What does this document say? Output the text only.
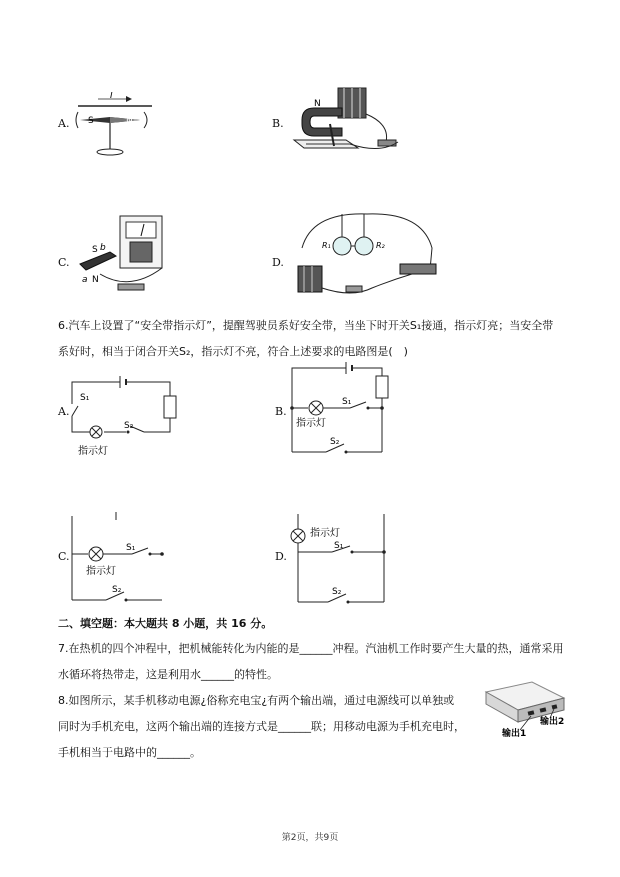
A.	B.
C.	D.
I
S	N
N
S b
a N
R₁	R₂
6.汽车上设置了“安全带指示灯”，提醒驾驶员系好安全带，当坐下时开关S₁接通，指示灯亮；当安全带
系好时，相当于闭合开关S₂，指示灯不亮，符合上述要求的电路图是(　)
A.	B.
C.	D.
S₁
S₂
指示灯
S₁
指示灯
S₂
S₁
指示灯
S₂
指示灯
S₁
S₂
二、填空题：本大题共 8 小题，共 16 分。
7.在热机的四个冲程中，把机械能转化为内能的是______冲程。汽油机工作时要产生大量的热，通常采用
水循环将热带走，这是利用水______的特性。
8.如图所示，某手机移动电源¿俗称充电宝¿有两个输出端，通过电源线可以单独或
同时为手机充电，这两个输出端的连接方式是______联；用移动电源为手机充电时，
手机相当于电路中的______。
输出1
输出2
第2页，共9页
